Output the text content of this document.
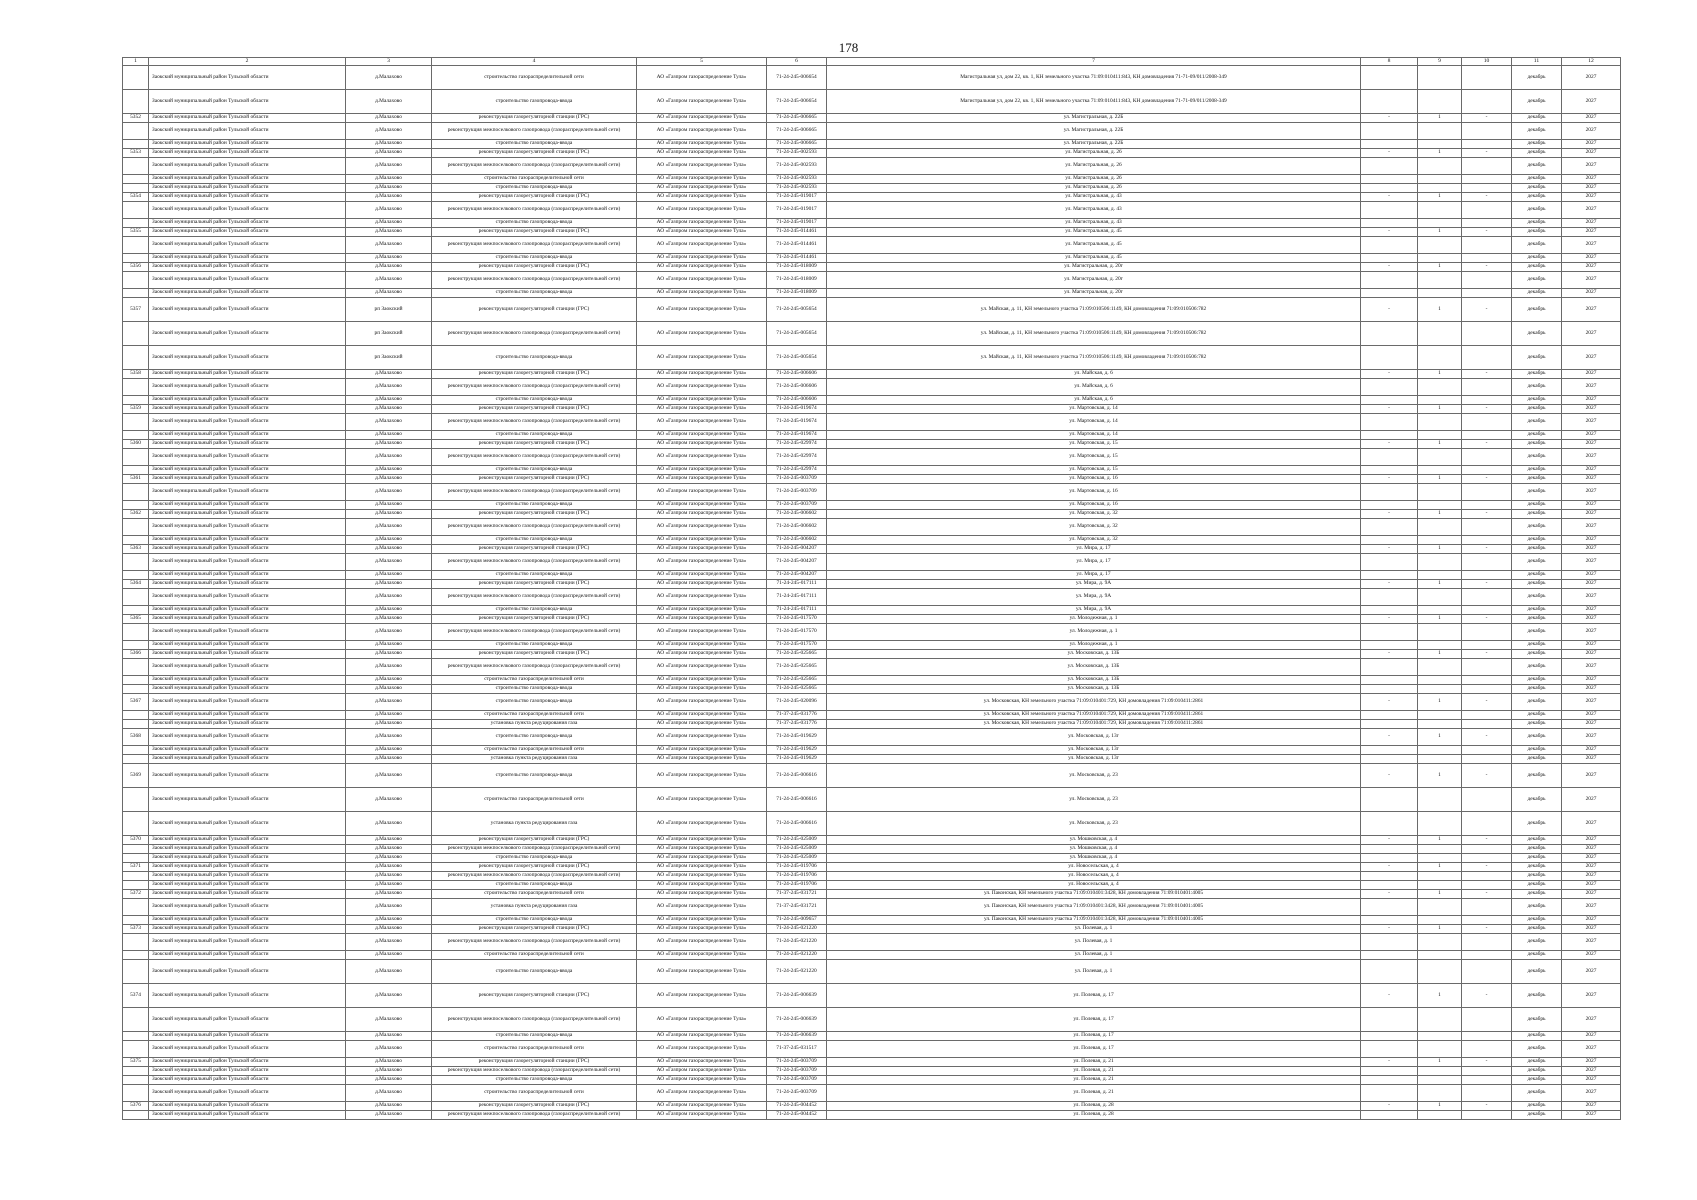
178
1	2	3	4	5	6	7	8	9	10	11	12
	Заокский муниципальный район Тульской области	д.Малахово	строительство газораспределительной сети	АО «Газпром газораспределение Тула»	71-24-245-006654	Магистральная ул, дом 22, кв. 1, КН земельного участка 71:09:010411:843, КН домовладения 71-71-09/011/2008-349				декабрь	2027
	Заокский муниципальный район Тульской области	д.Малахово	строительство газопровода-ввода	АО «Газпром газораспределение Тула»	71-24-245-006654	Магистральная ул, дом 22, кв. 1, КН земельного участка 71:09:010411:843, КН домовладения 71-71-09/011/2008-349				декабрь	2027
5352	Заокский муниципальный район Тульской области	д.Малахово	реконструкция газорегуляторной станции (ГРС)	АО «Газпром газораспределение Тула»	71-24-245-006665	ул. Магистральная, д. 22Б	-	1	-	декабрь	2027
	Заокский муниципальный район Тульской области	д.Малахово	реконструкция межпоселкового газопровода (газораспределительной сети)	АО «Газпром газораспределение Тула»	71-24-245-006665	ул. Магистральная, д. 22Б				декабрь	2027
	Заокский муниципальный район Тульской области	д.Малахово	строительство газопровода-ввода	АО «Газпром газораспределение Тула»	71-24-245-006665	ул. Магистральная, д. 22Б				декабрь	2027
5353	Заокский муниципальный район Тульской области	д.Малахово	реконструкция газорегуляторной станции (ГРС)	АО «Газпром газораспределение Тула»	71-24-245-002593	ул. Магистральная, д. 26	-	1	-	декабрь	2027
	Заокский муниципальный район Тульской области	д.Малахово	реконструкция межпоселкового газопровода (газораспределительной сети)	АО «Газпром газораспределение Тула»	71-24-245-002593	ул. Магистральная, д. 26				декабрь	2027
	Заокский муниципальный район Тульской области	д.Малахово	строительство газораспределительной сети	АО «Газпром газораспределение Тула»	71-24-245-002593	ул. Магистральная, д. 26				декабрь	2027
	Заокский муниципальный район Тульской области	д.Малахово	строительство газопровода-ввода	АО «Газпром газораспределение Тула»	71-24-245-002593	ул. Магистральная, д. 26				декабрь	2027
5354	Заокский муниципальный район Тульской области	д.Малахово	реконструкция газорегуляторной станции (ГРС)	АО «Газпром газораспределение Тула»	71-24-245-019017	ул. Магистральная, д. 43	-	1	-	декабрь	2027
	Заокский муниципальный район Тульской области	д.Малахово	реконструкция межпоселкового газопровода (газораспределительной сети)	АО «Газпром газораспределение Тула»	71-24-245-019017	ул. Магистральная, д. 43				декабрь	2027
	Заокский муниципальный район Тульской области	д.Малахово	строительство газопровода-ввода	АО «Газпром газораспределение Тула»	71-24-245-019017	ул. Магистральная, д. 43				декабрь	2027
5355	Заокский муниципальный район Тульской области	д.Малахово	реконструкция газорегуляторной станции (ГРС)	АО «Газпром газораспределение Тула»	71-24-245-014461	ул. Магистральная, д. 45	-	1	-	декабрь	2027
	Заокский муниципальный район Тульской области	д.Малахово	реконструкция межпоселкового газопровода (газораспределительной сети)	АО «Газпром газораспределение Тула»	71-24-245-014461	ул. Магистральная, д. 45				декабрь	2027
	Заокский муниципальный район Тульской области	д.Малахово	строительство газопровода-ввода	АО «Газпром газораспределение Тула»	71-24-245-014461	ул. Магистральная, д. 45				декабрь	2027
5356	Заокский муниципальный район Тульской области	д.Малахово	реконструкция газорегуляторной станции (ГРС)	АО «Газпром газораспределение Тула»	71-24-245-018009	ул. Магистральная, д. 20г	-	1	-	декабрь	2027
	Заокский муниципальный район Тульской области	д.Малахово	реконструкция межпоселкового газопровода (газораспределительной сети)	АО «Газпром газораспределение Тула»	71-24-245-018009	ул. Магистральная, д. 20г				декабрь	2027
	Заокский муниципальный район Тульской области	д.Малахово	строительство газопровода-ввода	АО «Газпром газораспределение Тула»	71-24-245-018009	ул. Магистральная, д. 20г				декабрь	2027
5357	Заокский муниципальный район Тульской области	рп Заокский	реконструкция газорегуляторной станции (ГРС)	АО «Газпром газораспределение Тула»	71-24-245-005654	ул. Майская, д. 11, КН земельного участка 71:09:010506:1149, КН домовладения 71:09:010506:782	-	1	-	декабрь	2027
	Заокский муниципальный район Тульской области	рп Заокский	реконструкция межпоселкового газопровода (газораспределительной сети)	АО «Газпром газораспределение Тула»	71-24-245-005654	ул. Майская, д. 11, КН земельного участка 71:09:010506:1149, КН домовладения 71:09:010506:782				декабрь	2027
	Заокский муниципальный район Тульской области	рп Заокский	строительство газопровода-ввода	АО «Газпром газораспределение Тула»	71-24-245-005654	ул. Майская, д. 11, КН земельного участка 71:09:010506:1149, КН домовладения 71:09:010506:782				декабрь	2027
5358	Заокский муниципальный район Тульской области	д.Малахово	реконструкция газорегуляторной станции (ГРС)	АО «Газпром газораспределение Тула»	71-24-245-006606	ул. Майская, д. 6	-	1	-	декабрь	2027
	Заокский муниципальный район Тульской области	д.Малахово	реконструкция межпоселкового газопровода (газораспределительной сети)	АО «Газпром газораспределение Тула»	71-24-245-006606	ул. Майская, д. 6				декабрь	2027
	Заокский муниципальный район Тульской области	д.Малахово	строительство газопровода-ввода	АО «Газпром газораспределение Тула»	71-24-245-006606	ул. Майская, д. 6				декабрь	2027
5359	Заокский муниципальный район Тульской области	д.Малахово	реконструкция газорегуляторной станции (ГРС)	АО «Газпром газораспределение Тула»	71-24-245-019674	ул. Мартовская, д. 14	-	1	-	декабрь	2027
	Заокский муниципальный район Тульской области	д.Малахово	реконструкция межпоселкового газопровода (газораспределительной сети)	АО «Газпром газораспределение Тула»	71-24-245-019674	ул. Мартовская, д. 14				декабрь	2027
	Заокский муниципальный район Тульской области	д.Малахово	строительство газопровода-ввода	АО «Газпром газораспределение Тула»	71-24-245-019674	ул. Мартовская, д. 14				декабрь	2027
5360	Заокский муниципальный район Тульской области	д.Малахово	реконструкция газорегуляторной станции (ГРС)	АО «Газпром газораспределение Тула»	71-24-245-029974	ул. Мартовская, д. 15	-	1	-	декабрь	2027
	Заокский муниципальный район Тульской области	д.Малахово	реконструкция межпоселкового газопровода (газораспределительной сети)	АО «Газпром газораспределение Тула»	71-24-245-029974	ул. Мартовская, д. 15				декабрь	2027
	Заокский муниципальный район Тульской области	д.Малахово	строительство газопровода-ввода	АО «Газпром газораспределение Тула»	71-24-245-029974	ул. Мартовская, д. 15				декабрь	2027
5361	Заокский муниципальный район Тульской области	д.Малахово	реконструкция газорегуляторной станции (ГРС)	АО «Газпром газораспределение Тула»	71-24-245-003709	ул. Мартовская, д. 16	-	1	-	декабрь	2027
	Заокский муниципальный район Тульской области	д.Малахово	реконструкция межпоселкового газопровода (газораспределительной сети)	АО «Газпром газораспределение Тула»	71-24-245-003709	ул. Мартовская, д. 16				декабрь	2027
	Заокский муниципальный район Тульской области	д.Малахово	строительство газопровода-ввода	АО «Газпром газораспределение Тула»	71-24-245-003709	ул. Мартовская, д. 16				декабрь	2027
5362	Заокский муниципальный район Тульской области	д.Малахово	реконструкция газорегуляторной станции (ГРС)	АО «Газпром газораспределение Тула»	71-24-245-006602	ул. Мартовская, д. 32	-	1	-	декабрь	2027
	Заокский муниципальный район Тульской области	д.Малахово	реконструкция межпоселкового газопровода (газораспределительной сети)	АО «Газпром газораспределение Тула»	71-24-245-006602	ул. Мартовская, д. 32				декабрь	2027
	Заокский муниципальный район Тульской области	д.Малахово	строительство газопровода-ввода	АО «Газпром газораспределение Тула»	71-24-245-006602	ул. Мартовская, д. 32				декабрь	2027
5363	Заокский муниципальный район Тульской области	д.Малахово	реконструкция газорегуляторной станции (ГРС)	АО «Газпром газораспределение Тула»	71-24-245-004207	ул. Мира, д. 17	-	1	-	декабрь	2027
	Заокский муниципальный район Тульской области	д.Малахово	реконструкция межпоселкового газопровода (газораспределительной сети)	АО «Газпром газораспределение Тула»	71-24-245-004207	ул. Мира, д. 17				декабрь	2027
	Заокский муниципальный район Тульской области	д.Малахово	строительство газопровода-ввода	АО «Газпром газораспределение Тула»	71-24-245-004207	ул. Мира, д. 17				декабрь	2027
5364	Заокский муниципальный район Тульской области	д.Малахово	реконструкция газорегуляторной станции (ГРС)	АО «Газпром газораспределение Тула»	71-24-245-017111	ул. Мира, д. 9А	-	1	-	декабрь	2027
	Заокский муниципальный район Тульской области	д.Малахово	реконструкция межпоселкового газопровода (газораспределительной сети)	АО «Газпром газораспределение Тула»	71-24-245-017111	ул. Мира, д. 9А				декабрь	2027
	Заокский муниципальный район Тульской области	д.Малахово	строительство газопровода-ввода	АО «Газпром газораспределение Тула»	71-24-245-017111	ул. Мира, д. 9А				декабрь	2027
5365	Заокский муниципальный район Тульской области	д.Малахово	реконструкция газорегуляторной станции (ГРС)	АО «Газпром газораспределение Тула»	71-24-245-017570	ул. Молодежная, д. 1	-	1	-	декабрь	2027
	Заокский муниципальный район Тульской области	д.Малахово	реконструкция межпоселкового газопровода (газораспределительной сети)	АО «Газпром газораспределение Тула»	71-24-245-017570	ул. Молодежная, д. 1				декабрь	2027
	Заокский муниципальный район Тульской области	д.Малахово	строительство газопровода-ввода	АО «Газпром газораспределение Тула»	71-24-245-017570	ул. Молодежная, д. 1				декабрь	2027
5366	Заокский муниципальный район Тульской области	д.Малахово	реконструкция газорегуляторной станции (ГРС)	АО «Газпром газораспределение Тула»	71-24-245-025665	ул. Московская, д. 13Б	-	1	-	декабрь	2027
	Заокский муниципальный район Тульской области	д.Малахово	реконструкция межпоселкового газопровода (газораспределительной сети)	АО «Газпром газораспределение Тула»	71-24-245-025665	ул. Московская, д. 13Б				декабрь	2027
	Заокский муниципальный район Тульской области	д.Малахово	строительство газораспределительной сети	АО «Газпром газораспределение Тула»	71-24-245-025665	ул. Московская, д. 13Б				декабрь	2027
	Заокский муниципальный район Тульской области	д.Малахово	строительство газопровода-ввода	АО «Газпром газораспределение Тула»	71-24-245-025665	ул. Московская, д. 13Б				декабрь	2027
5367	Заокский муниципальный район Тульской области	д.Малахово	строительство газопровода-ввода	АО «Газпром газораспределение Тула»	71-24-245-020096	ул. Московская, КН земельного участка 71:09:010401:729, КН домовладения 71:09:010411:2861	-	1	-	декабрь	2027
	Заокский муниципальный район Тульской области	д.Малахово	строительство газораспределительной сети	АО «Газпром газораспределение Тула»	71-37-245-031776	ул. Московская, КН земельного участка 71:09:010401:729, КН домовладения 71:09:010411:2861				декабрь	2027
	Заокский муниципальный район Тульской области	д.Малахово	установка пункта редуцирования газа	АО «Газпром газораспределение Тула»	71-37-245-031776	ул. Московская, КН земельного участка 71:09:010401:729, КН домовладения 71:09:010411:2861				декабрь	2027
5368	Заокский муниципальный район Тульской области	д.Малахово	строительство газопровода-ввода	АО «Газпром газораспределение Тула»	71-24-245-019629	ул. Московская, д. 13г	-	1	-	декабрь	2027
	Заокский муниципальный район Тульской области	д.Малахово	строительство газораспределительной сети	АО «Газпром газораспределение Тула»	71-24-245-019629	ул. Московская, д. 13г				декабрь	2027
	Заокский муниципальный район Тульской области	д.Малахово	установка пункта редуцирования газа	АО «Газпром газораспределение Тула»	71-24-245-019629	ул. Московская, д. 13г				декабрь	2027
5369	Заокский муниципальный район Тульской области	д.Малахово	строительство газопровода-ввода	АО «Газпром газораспределение Тула»	71-24-245-006616	ул. Московская, д. 23	-	1	-	декабрь	2027
	Заокский муниципальный район Тульской области	д.Малахово	строительство газораспределительной сети	АО «Газпром газораспределение Тула»	71-24-245-006616	ул. Московская, д. 23				декабрь	2027
	Заокский муниципальный район Тульской области	д.Малахово	установка пункта редуцирования газа	АО «Газпром газораспределение Тула»	71-24-245-006616	ул. Московская, д. 23				декабрь	2027
5370	Заокский муниципальный район Тульской области	д.Малахово	реконструкция газорегуляторной станции (ГРС)	АО «Газпром газораспределение Тула»	71-24-245-025009	ул. Мошковская, д. 4	-	1	-	декабрь	2027
	Заокский муниципальный район Тульской области	д.Малахово	реконструкция межпоселкового газопровода (газораспределительной сети)	АО «Газпром газораспределение Тула»	71-24-245-025009	ул. Мошковская, д. 4				декабрь	2027
	Заокский муниципальный район Тульской области	д.Малахово	строительство газопровода-ввода	АО «Газпром газораспределение Тула»	71-24-245-025009	ул. Мошковская, д. 4				декабрь	2027
5371	Заокский муниципальный район Тульской области	д.Малахово	реконструкция газорегуляторной станции (ГРС)	АО «Газпром газораспределение Тула»	71-24-245-019706	ул. Новосельская, д. 4	-	1	-	декабрь	2027
	Заокский муниципальный район Тульской области	д.Малахово	реконструкция межпоселкового газопровода (газораспределительной сети)	АО «Газпром газораспределение Тула»	71-24-245-019706	ул. Новосельская, д. 4				декабрь	2027
	Заокский муниципальный район Тульской области	д.Малахово	строительство газопровода-ввода	АО «Газпром газораспределение Тула»	71-24-245-019706	ул. Новосельская, д. 4				декабрь	2027
5372	Заокский муниципальный район Тульской области	д.Малахово	строительство газораспределительной сети	АО «Газпром газораспределение Тула»	71-37-245-031721	ул. Паконская, КН земельного участка 71:09:010401:3428, КН домовладения 71:09:010401:4005	-	1	-	декабрь	2027
	Заокский муниципальный район Тульской области	д.Малахово	установка пункта редуцирования газа	АО «Газпром газораспределение Тула»	71-37-245-031721	ул. Паконская, КН земельного участка 71:09:010401:3428, КН домовладения 71:09:010401:4005				декабрь	2027
	Заокский муниципальный район Тульской области	д.Малахово	строительство газопровода-ввода	АО «Газпром газораспределение Тула»	71-24-245-009657	ул. Паконская, КН земельного участка 71:09:010401:3428, КН домовладения 71:09:010401:4005				декабрь	2027
5373	Заокский муниципальный район Тульской области	д.Малахово	реконструкция газорегуляторной станции (ГРС)	АО «Газпром газораспределение Тула»	71-24-245-021220	ул. Полевая, д. 1	-	1	-	декабрь	2027
	Заокский муниципальный район Тульской области	д.Малахово	реконструкция межпоселкового газопровода (газораспределительной сети)	АО «Газпром газораспределение Тула»	71-24-245-021220	ул. Полевая, д. 1				декабрь	2027
	Заокский муниципальный район Тульской области	д.Малахово	строительство газораспределительной сети	АО «Газпром газораспределение Тула»	71-24-245-021220	ул. Полевая, д. 1				декабрь	2027
	Заокский муниципальный район Тульской области	д.Малахово	строительство газопровода-ввода	АО «Газпром газораспределение Тула»	71-24-245-021220	ул. Полевая, д. 1				декабрь	2027
5374	Заокский муниципальный район Тульской области	д.Малахово	реконструкция газорегуляторной станции (ГРС)	АО «Газпром газораспределение Тула»	71-24-245-006639	ул. Полевая, д. 17	-	1	-	декабрь	2027
	Заокский муниципальный район Тульской области	д.Малахово	реконструкция межпоселкового газопровода (газораспределительной сети)	АО «Газпром газораспределение Тула»	71-24-245-006639	ул. Полевая, д. 17				декабрь	2027
	Заокский муниципальный район Тульской области	д.Малахово	строительство газопровода-ввода	АО «Газпром газораспределение Тула»	71-24-245-006639	ул. Полевая, д. 17				декабрь	2027
	Заокский муниципальный район Тульской области	д.Малахово	строительство газораспределительной сети	АО «Газпром газораспределение Тула»	71-37-245-031517	ул. Полевая, д. 17				декабрь	2027
5375	Заокский муниципальный район Тульской области	д.Малахово	реконструкция газорегуляторной станции (ГРС)	АО «Газпром газораспределение Тула»	71-24-245-003709	ул. Полевая, д. 21	-	1	-	декабрь	2027
	Заокский муниципальный район Тульской области	д.Малахово	реконструкция межпоселкового газопровода (газораспределительной сети)	АО «Газпром газораспределение Тула»	71-24-245-003709	ул. Полевая, д. 21				декабрь	2027
	Заокский муниципальный район Тульской области	д.Малахово	строительство газопровода-ввода	АО «Газпром газораспределение Тула»	71-24-245-003709	ул. Полевая, д. 21				декабрь	2027
	Заокский муниципальный район Тульской области	д.Малахово	строительство газораспределительной сети	АО «Газпром газораспределение Тула»	71-24-245-003709	ул. Полевая, д. 21				декабрь	2027
5376	Заокский муниципальный район Тульской области	д.Малахово	реконструкция газорегуляторной станции (ГРС)	АО «Газпром газораспределение Тула»	71-24-245-004452	ул. Полевая, д. 28	-	1	-	декабрь	2027
	Заокский муниципальный район Тульской области	д.Малахово	реконструкция межпоселкового газопровода (газораспределительной сети)	АО «Газпром газораспределение Тула»	71-24-245-004452	ул. Полевая, д. 28				декабрь	2027
